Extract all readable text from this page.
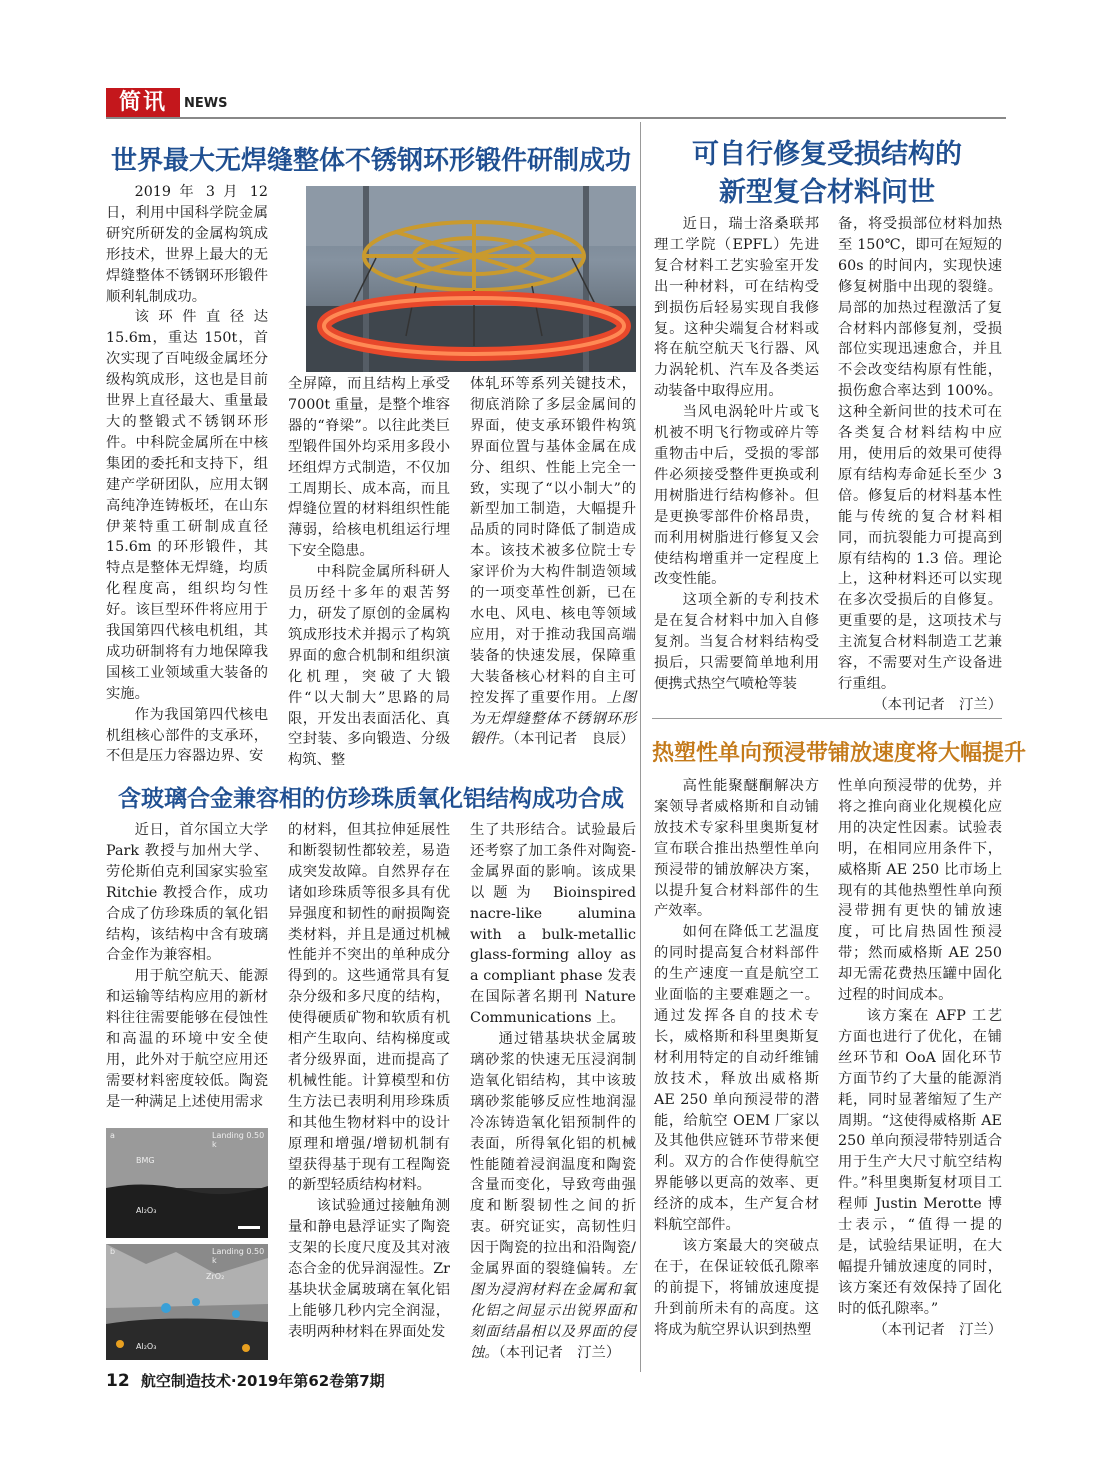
简讯	NEWS
世界最大无焊缝整体不锈钢环形锻件研制成功

2019 年 3 月 12 日，利用中国科学院金属研究所研发的金属构筑成形技术，世界上最大的无焊缝整体不锈钢环形锻件顺利轧制成功。

该环件直径达 15.6m，重达 150t，首次实现了百吨级金属坯分级构筑成形，这也是目前世界上直径最大、重量最大的整锻式不锈钢环形件。中科院金属所在中核集团的委托和支持下，组建产学研团队，应用太钢高纯净连铸板坯，在山东伊莱特重工研制成直径 15.6m 的环形锻件，其特点是整体无焊缝，均质化程度高，组织均匀性好。该巨型环件将应用于我国第四代核电机组，其成功研制将有力地保障我国核工业领域重大装备的实施。

作为我国第四代核电机组核心部件的支承环，不但是压力容器边界、安

全屏障，而且结构上承受 7000t 重量，是整个堆容器的“脊梁”。以往此类巨型锻件国外均采用多段小坯组焊方式制造，不仅加工周期长、成本高，而且焊缝位置的材料组织性能薄弱，给核电机组运行埋下安全隐患。

中科院金属所科研人员历经十多年的艰苦努力，研发了原创的金属构筑成形技术并揭示了构筑界面的愈合机制和组织演化机理，突破了大锻件“以大制大”思路的局限，开发出表面活化、真空封装、多向锻造、分级构筑、整

体轧环等系列关键技术，彻底消除了多层金属间的界面，使支承环锻件构筑界面位置与基体金属在成分、组织、性能上完全一致，实现了“以小制大”的新型加工制造，大幅提升品质的同时降低了制造成本。该技术被多位院士专家评价为大构件制造领域的一项变革性创新，已在水电、风电、核电等领域应用，对于推动我国高端装备的快速发展，保障重大装备核心材料的自主可控发挥了重要作用。上图为无焊缝整体不锈钢环形锻件。（本刊记者　良辰）

可自行修复受损结构的
新型复合材料问世

近日，瑞士洛桑联邦理工学院（EPFL）先进复合材料工艺实验室开发出一种材料，可在结构受到损伤后轻易实现自我修复。这种尖端复合材料或将在航空航天飞行器、风力涡轮机、汽车及各类运动装备中取得应用。

当风电涡轮叶片或飞机被不明飞行物或碎片等重物击中后，受损的零部件必须接受整件更换或利用树脂进行结构修补。但是更换零部件价格昂贵，而利用树脂进行修复又会使结构增重并一定程度上改变性能。

这项全新的专利技术是在复合材料中加入自修复剂。当复合材料结构受损后，只需要简单地利用便携式热空气喷枪等装

备，将受损部位材料加热至 150℃，即可在短短的 60s 的时间内，实现快速修复树脂中出现的裂缝。局部的加热过程激活了复合材料内部修复剂，受损部位实现迅速愈合，并且不会改变结构原有性能，损伤愈合率达到 100%。这种全新问世的技术可在各类复合材料结构中应用，使用后的效果可使得原有结构寿命延长至少 3 倍。修复后的材料基本性能与传统的复合材料相同，而抗裂能力可提高到原有结构的 1.3 倍。理论上，这种材料还可以实现在多次受损后的自修复。更重要的是，这项技术与主流复合材料制造工艺兼容，不需要对生产设备进行重组。

（本刊记者　汀兰）

热塑性单向预浸带铺放速度将大幅提升

高性能聚醚酮解决方案领导者威格斯和自动铺放技术专家科里奥斯复材宣布联合推出热塑性单向预浸带的铺放解决方案，以提升复合材料部件的生产效率。

如何在降低工艺温度的同时提高复合材料部件的生产速度一直是航空工业面临的主要难题之一。通过发挥各自的技术专长，威格斯和科里奥斯复材利用特定的自动纤维铺放技术，释放出威格斯 AE 250 单向预浸带的潜能，给航空 OEM 厂家以及其他供应链环节带来便利。双方的合作使得航空界能够以更高的效率、更经济的成本，生产复合材料航空部件。

该方案最大的突破点在于，在保证较低孔隙率的前提下，将铺放速度提升到前所未有的高度。这将成为航空界认识到热塑

性单向预浸带的优势，并将之推向商业化规模化应用的决定性因素。试验表明，在相同应用条件下，威格斯 AE 250 比市场上现有的其他热塑性单向预浸带拥有更快的铺放速度，可比肩热固性预浸带；然而威格斯 AE 250 却无需花费热压罐中固化过程的时间成本。

该方案在 AFP 工艺方面也进行了优化，在铺丝环节和 OoA 固化环节方面节约了大量的能源消耗，同时显著缩短了生产周期。“这使得威格斯 AE 250 单向预浸带特别适合用于生产大尺寸航空结构件。”科里奥斯复材项目工程师 Justin Merotte 博士表示，“值得一提的是，试验结果证明，在大幅提升铺放速度的同时，该方案还有效保持了固化时的低孔隙率。”

（本刊记者　汀兰）

含玻璃合金兼容相的仿珍珠质氧化铝结构成功合成

近日，首尔国立大学 Park 教授与加州大学、劳伦斯伯克利国家实验室 Ritchie 教授合作，成功合成了仿珍珠质的氧化铝结构，该结构中含有玻璃合金作为兼容相。

用于航空航天、能源和运输等结构应用的新材料往往需要能够在侵蚀性和高温的环境中安全使用，此外对于航空应用还需要材料密度较低。陶瓷是一种满足上述使用需求

a	Landing 0.50 k
BMG
Al₂O₃
b	Landing 0.50 k
ZrO₂
Al₂O₃

的材料，但其拉伸延展性和断裂韧性都较差，易造成突发故障。自然界存在诸如珍珠质等很多具有优异强度和韧性的耐损陶瓷类材料，并且是通过机械性能并不突出的单种成分得到的。这些通常具有复杂分级和多尺度的结构，使得硬质矿物和软质有机相产生取向、结构梯度或者分级界面，进而提高了机械性能。计算模型和仿生方法已表明利用珍珠质和其他生物材料中的设计原理和增强/增韧机制有望获得基于现有工程陶瓷的新型轻质结构材料。

该试验通过接触角测量和静电悬浮证实了陶瓷支架的长度尺度及其对液态合金的优异润湿性。Zr 基块状金属玻璃在氧化铝上能够几秒内完全润湿，表明两种材料在界面处发

生了共形结合。试验最后还考察了加工条件对陶瓷-金属界面的影响。该成果以题为 Bioinspired nacre-like alumina with a bulk-metallic glass-forming alloy as a compliant phase 发表在国际著名期刊 Nature Communications 上。

通过错基块状金属玻璃砂浆的快速无压浸润制造氧化铝结构，其中该玻璃砂浆能够反应性地润湿冷冻铸造氧化铝预制件的表面，所得氧化铝的机械性能随着浸润温度和陶瓷含量而变化，导致弯曲强度和断裂韧性之间的折衷。研究证实，高韧性归因于陶瓷的拉出和沿陶瓷/金属界面的裂缝偏转。左图为浸润材料在金属和氧化铝之间显示出锐界面和刻面结晶相以及界面的侵蚀。（本刊记者　汀兰）

12 航空制造技术·2019年第62卷第7期
